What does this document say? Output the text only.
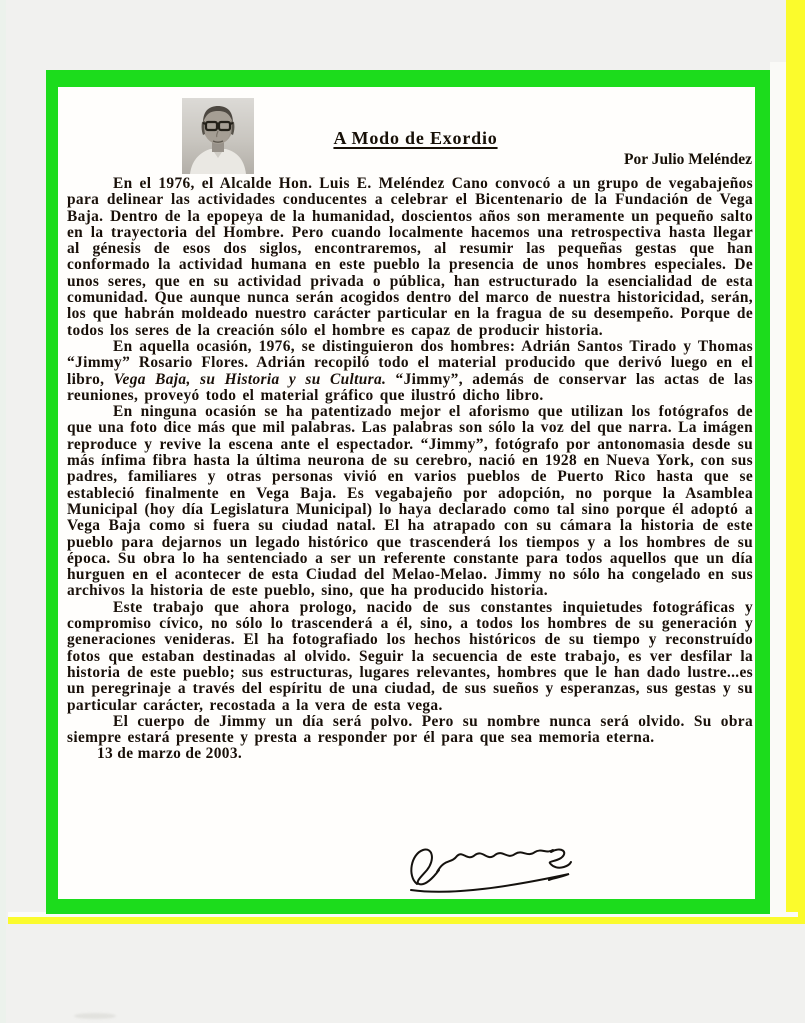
A Modo de Exordio
Por Julio Meléndez

En el 1976, el Alcalde Hon. Luis E. Meléndez Cano convocó a un grupo de vegabajeños para delinear las actividades conducentes a celebrar el Bicentenario de la Fundación de Vega Baja. Dentro de la epopeya de la humanidad, doscientos años son meramente un pequeño salto en la trayectoria del Hombre. Pero cuando localmente hacemos una retrospectiva hasta llegar al génesis de esos dos siglos, encontraremos, al resumir las pequeñas gestas que han conformado la actividad humana en este pueblo la presencia de unos hombres especiales. De unos seres, que en su actividad privada o pública, han estructurado la esencialidad de esta comunidad. Que aunque nunca serán acogidos dentro del marco de nuestra historicidad, serán, los que habrán moldeado nuestro carácter particular en la fragua de su desempeño. Porque de todos los seres de la creación sólo el hombre es capaz de producir historia.

En aquella ocasión, 1976, se distinguieron dos hombres: Adrián Santos Tirado y Thomas “Jimmy” Rosario Flores. Adrián recopiló todo el material producido que derivó luego en el libro, Vega Baja, su Historia y su Cultura. “Jimmy”, además de conservar las actas de las reuniones, proveyó todo el material gráfico que ilustró dicho libro.

En ninguna ocasión se ha patentizado mejor el aforismo que utilizan los fotógrafos de que una foto dice más que mil palabras. Las palabras son sólo la voz del que narra. La imágen reproduce y revive la escena ante el espectador. “Jimmy”, fotógrafo por antonomasia desde su más ínfima fibra hasta la última neurona de su cerebro, nació en 1928 en Nueva York, con sus padres, familiares y otras personas vivió en varios pueblos de Puerto Rico hasta que se estableció finalmente en Vega Baja. Es vegabajeño por adopción, no porque la Asamblea Municipal (hoy día Legislatura Municipal) lo haya declarado como tal sino porque él adoptó a Vega Baja como si fuera su ciudad natal. El ha atrapado con su cámara la historia de este pueblo para dejarnos un legado histórico que trascenderá los tiempos y a los hombres de su época. Su obra lo ha sentenciado a ser un referente constante para todos aquellos que un día hurguen en el acontecer de esta Ciudad del Melao-Melao. Jimmy no sólo ha congelado en sus archivos la historia de este pueblo, sino, que ha producido historia.

Este trabajo que ahora prologo, nacido de sus constantes inquietudes fotográficas y compromiso cívico, no sólo lo trascenderá a él, sino, a todos los hombres de su generación y generaciones venideras. El ha fotografiado los hechos históricos de su tiempo y reconstruído fotos que estaban destinadas al olvido. Seguir la secuencia de este trabajo, es ver desfilar la historia de este pueblo; sus estructuras, lugares relevantes, hombres que le han dado lustre...es un peregrinaje a través del espíritu de una ciudad, de sus sueños y esperanzas, sus gestas y su particular carácter, recostada a la vera de esta vega.

El cuerpo de Jimmy un día será polvo. Pero su nombre nunca será olvido. Su obra siempre estará presente y presta a responder por él para que sea memoria eterna.

13 de marzo de 2003.
